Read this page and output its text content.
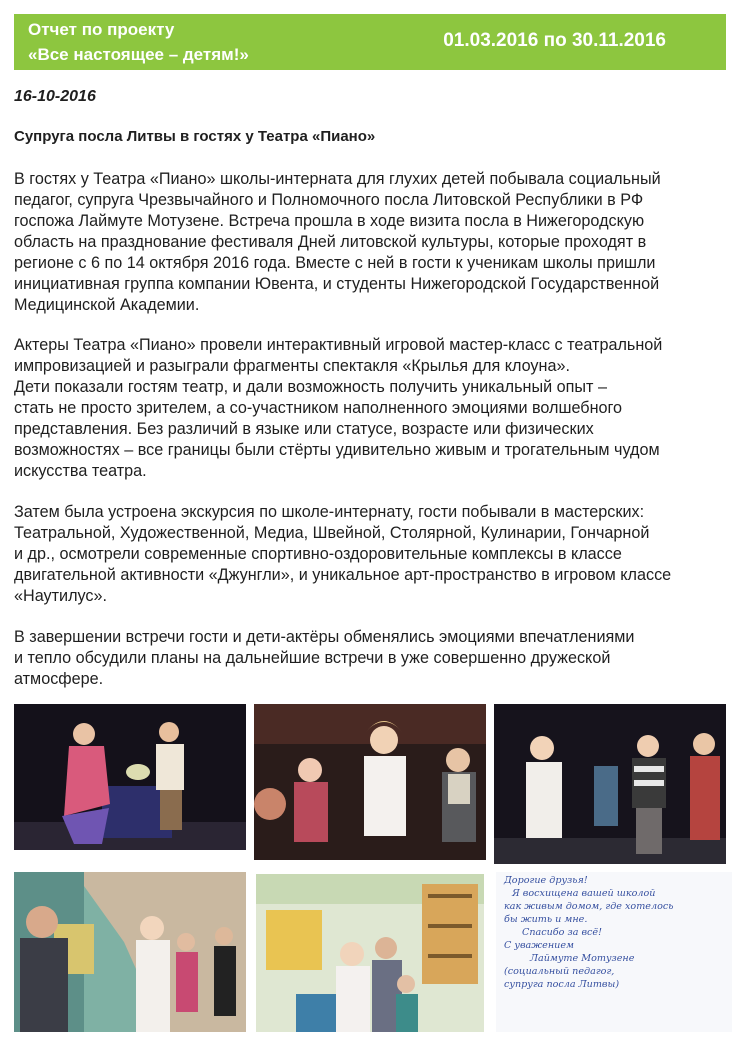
Отчет по проекту
«Все настоящее – детям!»
01.03.2016 по 30.11.2016
16-10-2016
Супруга посла Литвы в гостях у Театра «Пиано»

В гостях у Театра «Пиано» школы-интерната для глухих детей побывала социальный
педагог, супруга Чрезвычайного и Полномочного посла Литовской Республики в РФ
госпожа Лаймуте Мотузене. Встреча прошла в ходе визита посла в Нижегородскую
область на празднование фестиваля Дней литовской культуры, которые проходят в
регионе с 6 по 14 октября 2016 года. Вместе с ней в гости к ученикам школы пришли
инициативная группа компании Ювента, и студенты Нижегородской Государственной
Медицинской Академии.

Актеры Театра «Пиано» провели интерактивный игровой мастер-класс с театральной
импровизацией и разыграли фрагменты спектакля «Крылья для клоуна».
Дети показали гостям театр, и дали возможность получить уникальный опыт –
стать не просто зрителем, а со-участником наполненного эмоциями волшебного
представления. Без различий в языке или статусе, возрасте или физических
возможностях – все границы были стёрты удивительно живым и трогательным чудом
искусства театра.

Затем была устроена экскурсия по школе-интернату, гости побывали в мастерских:
Театральной, Художественной, Медиа, Швейной, Столярной, Кулинарии, Гончарной
и др., осмотрели современные спортивно-оздоровительные комплексы в классе
двигательной активности «Джунгли», и уникальное арт-пространство в игровом классе
«Наутилус».

В завершении встречи гости и дети-актёры обменялись эмоциями впечатлениями
и тепло обсудили планы на дальнейшие встречи в уже совершенно дружеской
атмосфере.

Дорогие друзья!
Я восхищена вашей школой
как живым домом, где хотелось
бы жить и мне.
Спасибо за всё!
С уважением
Лаймуте Мотузене
(социальный педагог,
супруга посла Литвы)
